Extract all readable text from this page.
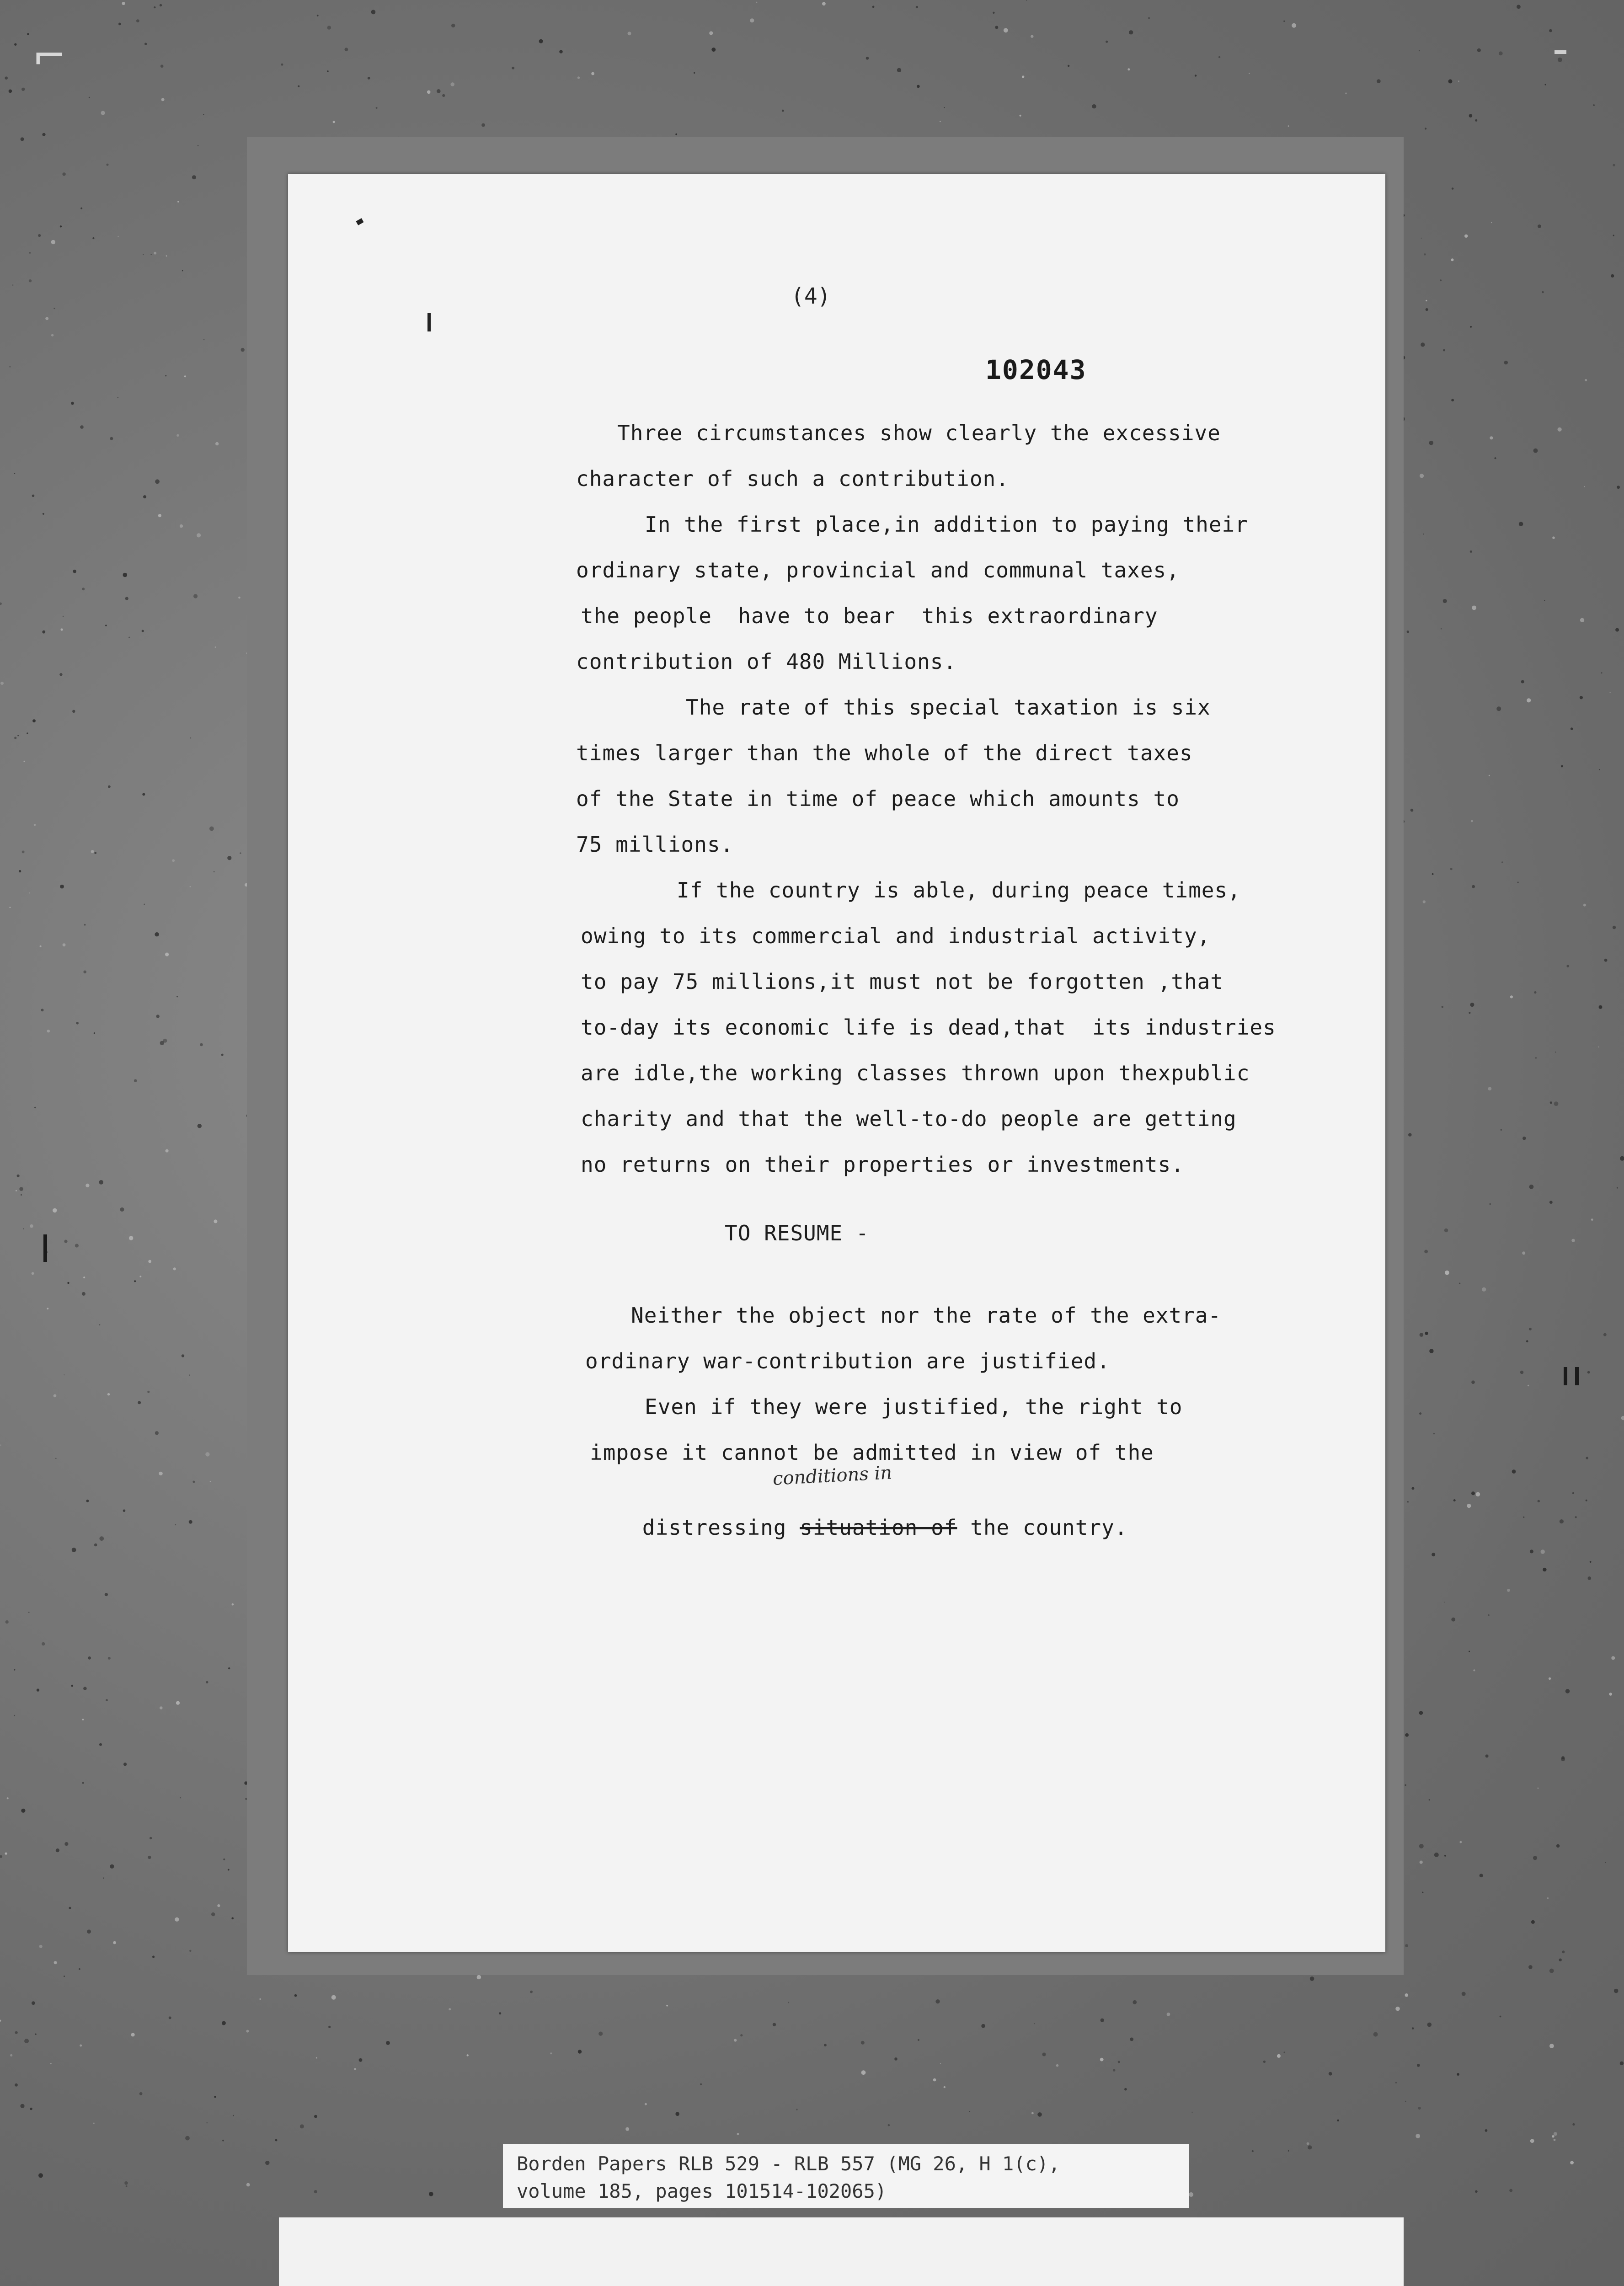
⌐
(4)
102043
Three circumstances show clearly the excessive
character of such a contribution.
In the first place,in addition to paying their
ordinary state, provincial and communal taxes,
the people  have to bear  this extraordinary
contribution of 480 Millions.
The rate of this special taxation is six
times larger than the whole of the direct taxes
of the State in time of peace which amounts to
75 millions.
If the country is able, during peace times,
owing to its commercial and industrial activity,
to pay 75 millions,it must not be forgotten ,that
to-day its economic life is dead,that  its industries
are idle,the working classes thrown upon thexpublic
charity and that the well-to-do people are getting
no returns on their properties or investments.
TO RESUME -
Neither the object nor the rate of the extra-
ordinary war-contribution are justified.
Even if they were justified, the right to
impose it cannot be admitted in view of the

distressing situation of the country.

conditions in
Borden Papers RLB 529 - RLB 557 (MG 26, H 1(c),
volume 185, pages 101514-102065)
